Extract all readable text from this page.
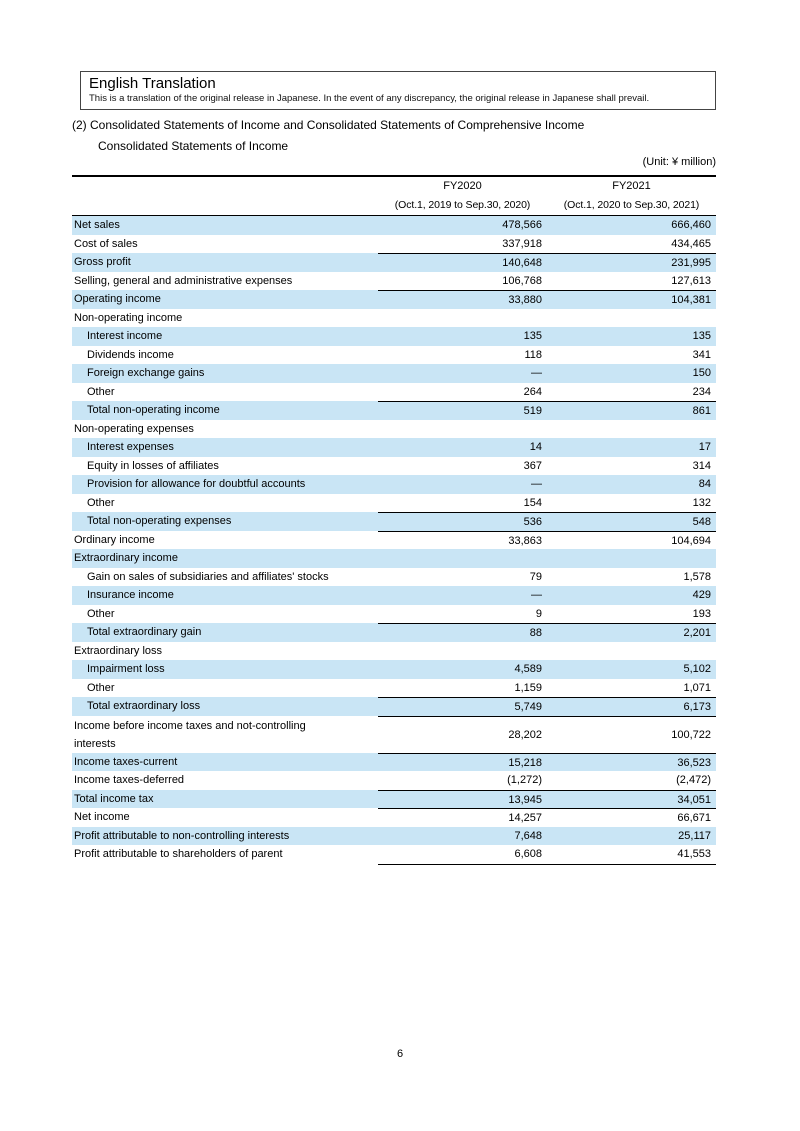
English Translation
This is a translation of the original release in Japanese. In the event of any discrepancy, the original release in Japanese shall prevail.
(2) Consolidated Statements of Income and Consolidated Statements of Comprehensive Income
Consolidated Statements of Income
(Unit: ¥ million)
FY2020	FY2021
(Oct.1, 2019 to Sep.30, 2020)	(Oct.1, 2020 to Sep.30, 2021)
Net sales	478,566	666,460
Cost of sales	337,918	434,465
Gross profit	140,648	231,995
Selling, general and administrative expenses	106,768	127,613
Operating income	33,880	104,381
Non-operating income
Interest income	135	135
Dividends income	118	341
Foreign exchange gains	—	150
Other	264	234
Total non-operating income	519	861
Non-operating expenses
Interest expenses	14	17
Equity in losses of affiliates	367	314
Provision for allowance for doubtful accounts	—	84
Other	154	132
Total non-operating expenses	536	548
Ordinary income	33,863	104,694
Extraordinary income
Gain on sales of subsidiaries and affiliates' stocks	79	1,578
Insurance income	—	429
Other	9	193
Total extraordinary gain	88	2,201
Extraordinary loss
Impairment loss	4,589	5,102
Other	1,159	1,071
Total extraordinary loss	5,749	6,173
Income before income taxes and not-controlling interests
28,202	100,722
Income taxes-current	15,218	36,523
Income taxes-deferred	(1,272)	(2,472)
Total income tax	13,945	34,051
Net income	14,257	66,671
Profit attributable to non-controlling interests	7,648	25,117
Profit attributable to shareholders of parent	6,608	41,553
6
